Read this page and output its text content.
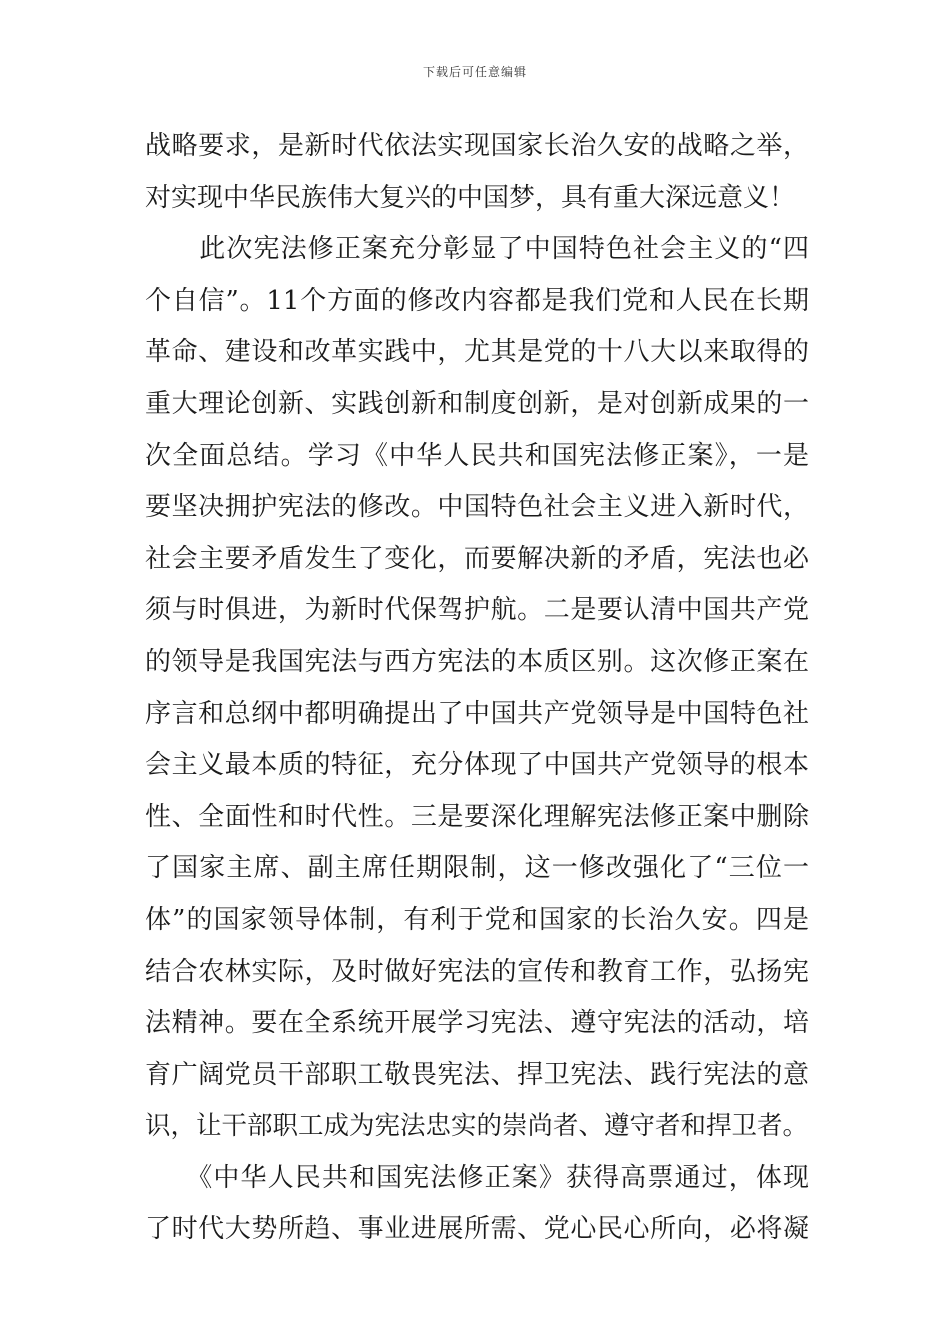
下载后可任意编辑
战略要求，是新时代依法实现国家长治久安的战略之举，
对实现中华民族伟大复兴的中国梦，具有重大深远意义！
　　此次宪法修正案充分彰显了中国特色社会主义的“四
个自信”。11个方面的修改内容都是我们党和人民在长期
革命、建设和改革实践中，尤其是党的十八大以来取得的
重大理论创新、实践创新和制度创新，是对创新成果的一
次全面总结。学习《中华人民共和国宪法修正案》，一是
要坚决拥护宪法的修改。中国特色社会主义进入新时代，
社会主要矛盾发生了变化，而要解决新的矛盾，宪法也必
须与时俱进，为新时代保驾护航。二是要认清中国共产党
的领导是我国宪法与西方宪法的本质区别。这次修正案在
序言和总纲中都明确提出了中国共产党领导是中国特色社
会主义最本质的特征，充分体现了中国共产党领导的根本
性、全面性和时代性。三是要深化理解宪法修正案中删除
了国家主席、副主席任期限制，这一修改强化了“三位一
体”的国家领导体制，有利于党和国家的长治久安。四是
结合农林实际，及时做好宪法的宣传和教育工作，弘扬宪
法精神。要在全系统开展学习宪法、遵守宪法的活动，培
育广阔党员干部职工敬畏宪法、捍卫宪法、践行宪法的意
识，让干部职工成为宪法忠实的崇尚者、遵守者和捍卫者。
　　《中华人民共和国宪法修正案》获得高票通过，体现
了时代大势所趋、事业进展所需、党心民心所向，必将凝
